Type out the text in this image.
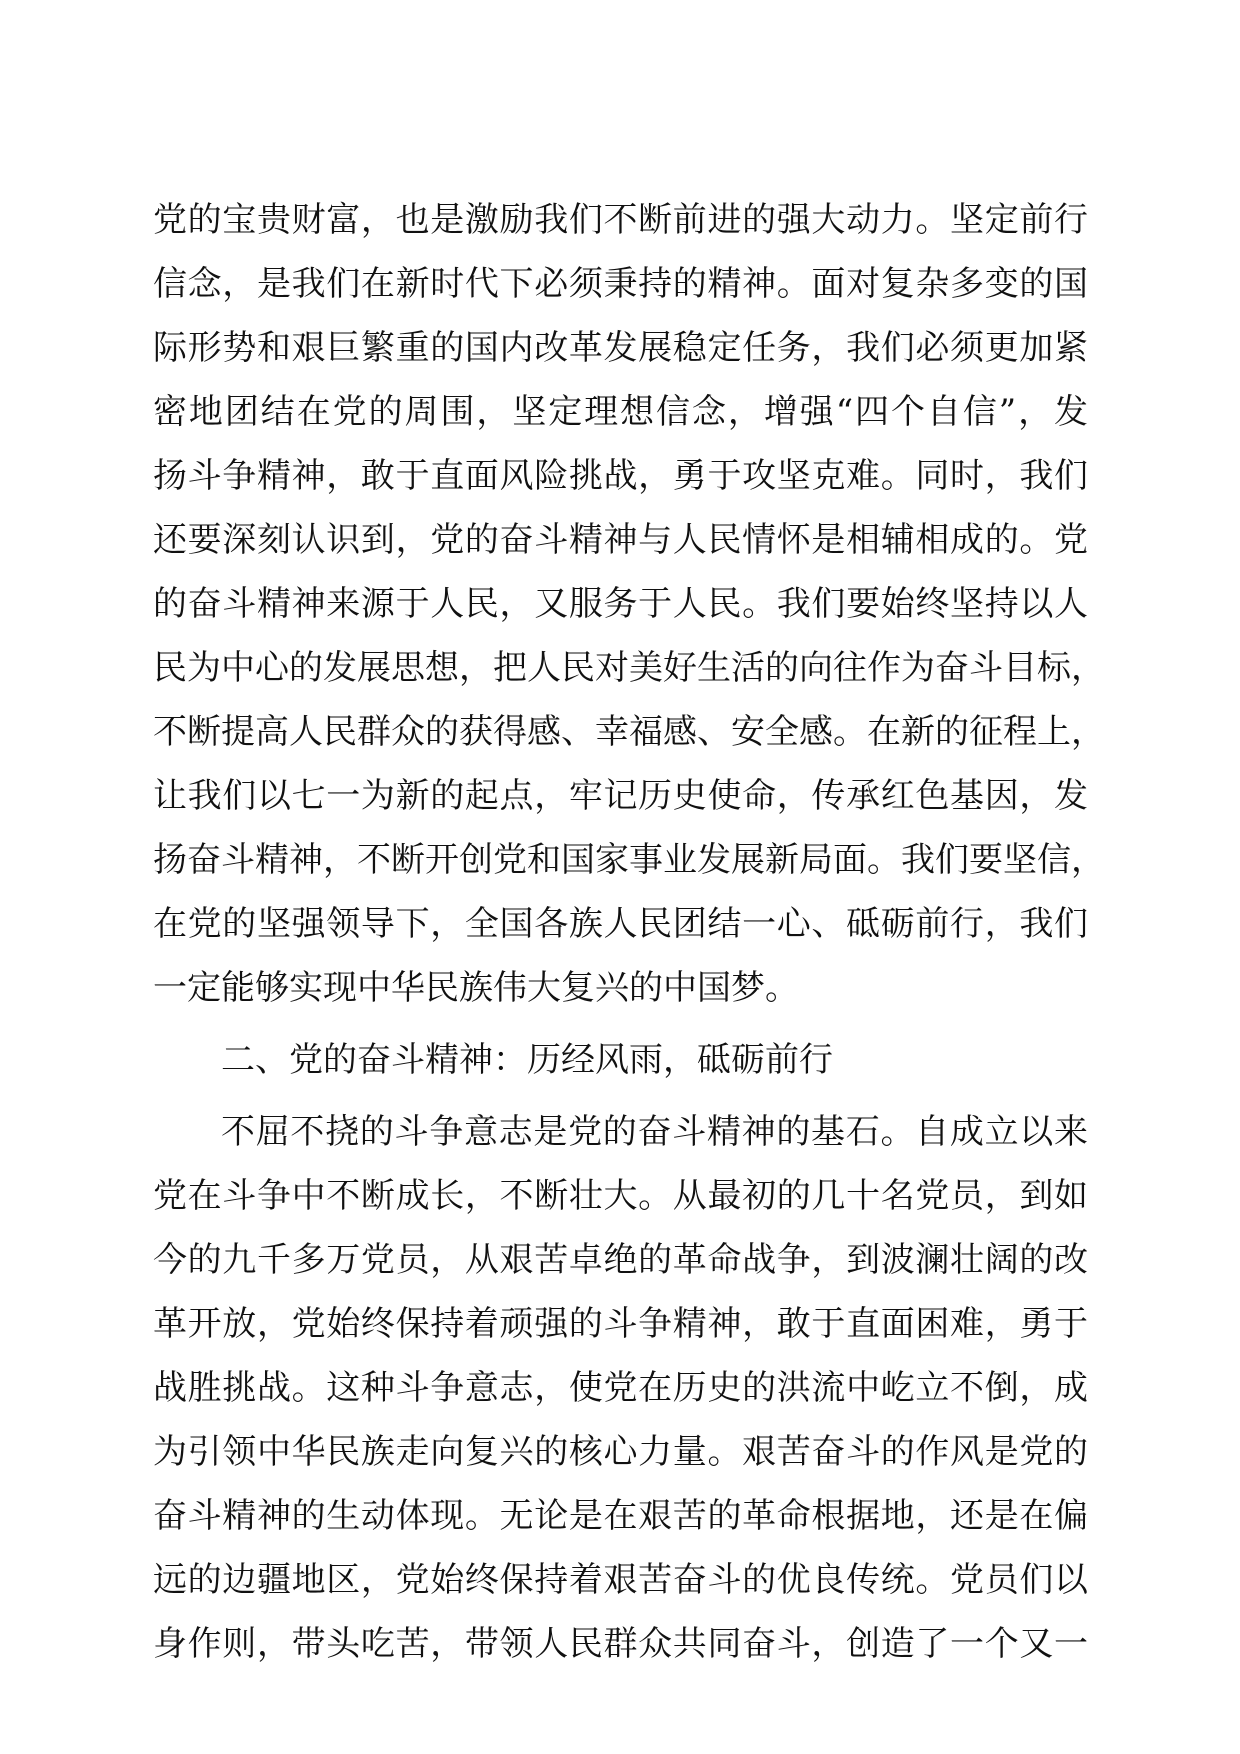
党的宝贵财富，也是激励我们不断前进的强大动力。坚定前行
信念，是我们在新时代下必须秉持的精神。面对复杂多变的国
际形势和艰巨繁重的国内改革发展稳定任务，我们必须更加紧
密地团结在党的周围，坚定理想信念，增强“四个自信”，发
扬斗争精神，敢于直面风险挑战，勇于攻坚克难。同时，我们
还要深刻认识到，党的奋斗精神与人民情怀是相辅相成的。党
的奋斗精神来源于人民，又服务于人民。我们要始终坚持以人
民为中心的发展思想，把人民对美好生活的向往作为奋斗目标，
不断提高人民群众的获得感、幸福感、安全感。在新的征程上，
让我们以七一为新的起点，牢记历史使命，传承红色基因，发
扬奋斗精神，不断开创党和国家事业发展新局面。我们要坚信，
在党的坚强领导下，全国各族人民团结一心、砥砺前行，我们
一定能够实现中华民族伟大复兴的中国梦。
二、党的奋斗精神：历经风雨，砥砺前行
不屈不挠的斗争意志是党的奋斗精神的基石。自成立以来
党在斗争中不断成长，不断壮大。从最初的几十名党员，到如
今的九千多万党员，从艰苦卓绝的革命战争，到波澜壮阔的改
革开放，党始终保持着顽强的斗争精神，敢于直面困难，勇于
战胜挑战。这种斗争意志，使党在历史的洪流中屹立不倒，成
为引领中华民族走向复兴的核心力量。艰苦奋斗的作风是党的
奋斗精神的生动体现。无论是在艰苦的革命根据地，还是在偏
远的边疆地区，党始终保持着艰苦奋斗的优良传统。党员们以
身作则，带头吃苦，带领人民群众共同奋斗，创造了一个又一
